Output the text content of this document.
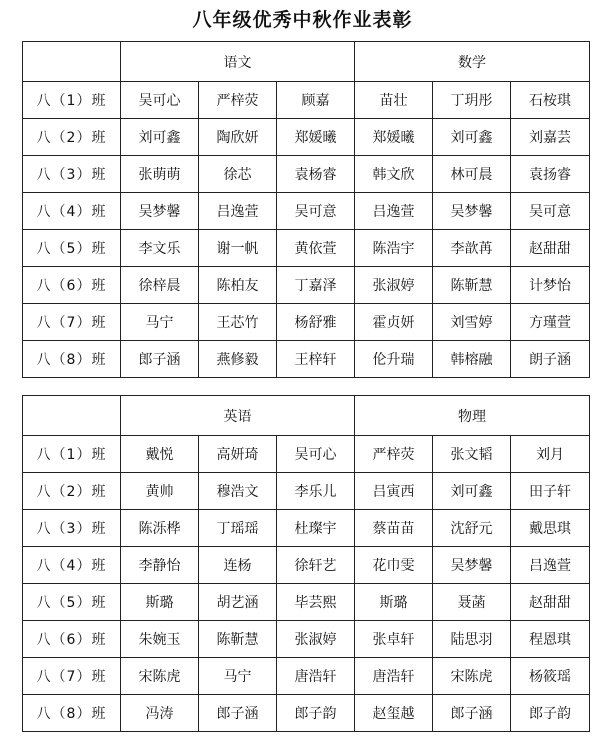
八年级优秀中秋作业表彰
	语文			数学		
八（1）班	吴可心	严梓荧	顾嘉	苗壮	丁玥彤	石桉琪
八（2）班	刘可鑫	陶欣妍	郑媛曦	郑媛曦	刘可鑫	刘嘉芸
八（3）班	张萌萌	徐芯	袁杨睿	韩文欣	林可晨	袁扬睿
八（4）班	吴梦馨	吕逸萱	吴可意	吕逸萱	吴梦馨	吴可意
八（5）班	李文乐	谢一帆	黄依萱	陈浩宇	李歆苒	赵甜甜
八（6）班	徐梓晨	陈柏友	丁嘉泽	张淑婷	陈靳慧	计梦怡
八（7）班	马宁	王芯竹	杨舒雅	霍贞妍	刘雪婷	方瑾萱
八（8）班	郎子涵	燕修毅	王梓轩	伦升瑞	韩榕融	朗子涵
	英语			物理		
八（1）班	戴悦	高妍琦	吴可心	严梓荧	张文韬	刘月
八（2）班	黄帅	穆浩文	李乐儿	吕寅西	刘可鑫	田子轩
八（3）班	陈泺桦	丁瑶瑶	杜璨宇	蔡苗苗	沈舒元	戴思琪
八（4）班	李静怡	连杨	徐轩艺	花巾雯	吴梦馨	吕逸萱
八（5）班	斯璐	胡艺涵	毕芸熙	斯璐	聂菡	赵甜甜
八（6）班	朱婉玉	陈靳慧	张淑婷	张卓轩	陆思羽	程恩琪
八（7）班	宋陈虎	马宁	唐浩轩	唐浩轩	宋陈虎	杨筱瑶
八（8）班	冯涛	郎子涵	郎子韵	赵玺越	郎子涵	郎子韵
